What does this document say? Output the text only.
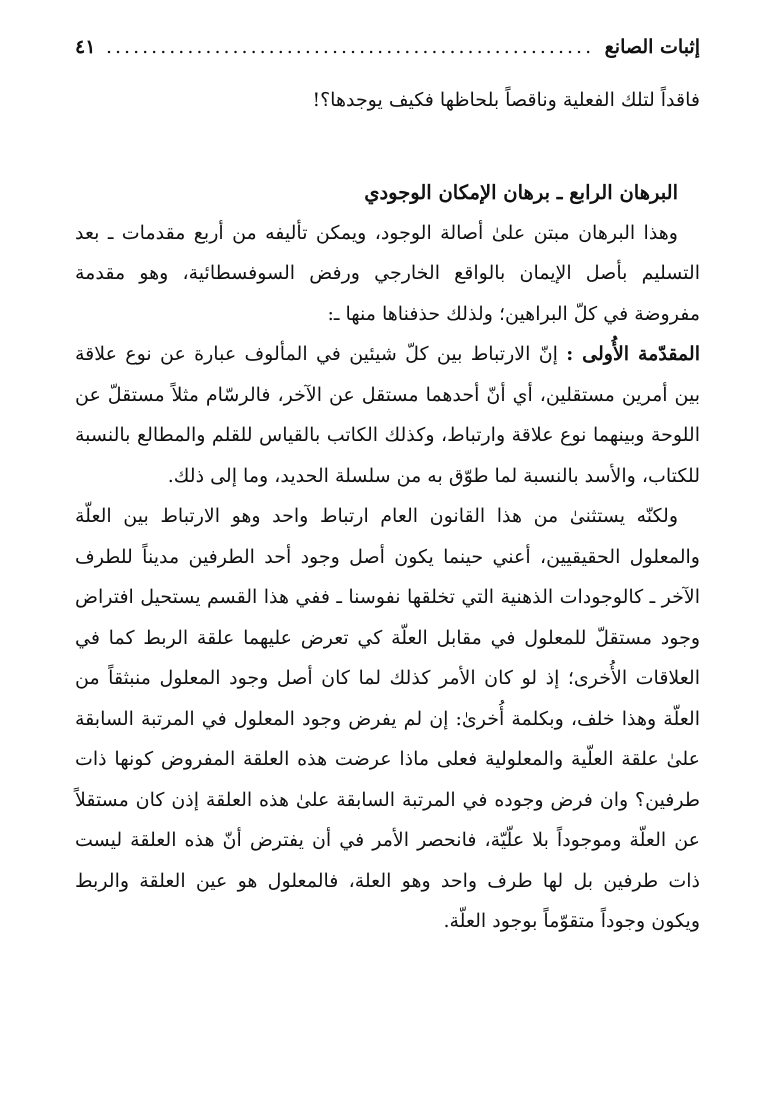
إثبات الصانع
......................................................
٤١

فاقداً لتلك الفعلية وناقصاً بلحاظها فكيف يوجدها؟!

البرهان الرابع ـ برهان الإمكان الوجودي

وهذا البرهان مبتن علىٰ أصالة الوجود، ويمكن تأليفه من أربع مقدمات ـ بعد التسليم بأصل الإيمان بالواقع الخارجي ورفض السوفسطائية، وهو مقدمة مفروضة في كلّ البراهين؛ ولذلك حذفناها منها ـ:

المقدّمة الأُولى : إنّ الارتباط بين كلّ شيئين في المألوف عبارة عن نوع علاقة بين أمرين مستقلين، أي أنّ أحدهما مستقل عن الآخر، فالرسّام مثلاً مستقلّ عن اللوحة وبينهما نوع علاقة وارتباط، وكذلك الكاتب بالقياس للقلم والمطالع بالنسبة للكتاب، والأسد بالنسبة لما طوّق به من سلسلة الحديد، وما إلى ذلك.

ولكنّه يستثنىٰ من هذا القانون العام ارتباط واحد وهو الارتباط بين العلّة والمعلول الحقيقيين، أعني حينما يكون أصل وجود أحد الطرفين مديناً للطرف الآخر ـ كالوجودات الذهنية التي تخلقها نفوسنا ـ ففي هذا القسم يستحيل افتراض وجود مستقلّ للمعلول في مقابل العلّة كي تعرض عليهما علقة الربط كما في العلاقات الأُخرى؛ إذ لو كان الأمر كذلك لما كان أصل وجود المعلول منبثقاً من العلّة وهذا خلف، وبكلمة أُخرىٰ: إن لم يفرض وجود المعلول في المرتبة السابقة علىٰ علقة العلّية والمعلولية فعلى ماذا عرضت هذه العلقة المفروض كونها ذات طرفين؟ وان فرض وجوده في المرتبة السابقة علىٰ هذه العلقة إذن كان مستقلاً عن العلّة وموجوداً بلا علّيّة، فانحصر الأمر في أن يفترض أنّ هذه العلقة ليست ذات طرفين بل لها طرف واحد وهو العلة، فالمعلول هو عين العلقة والربط ويكون وجوداً متقوّماً بوجود العلّة.
